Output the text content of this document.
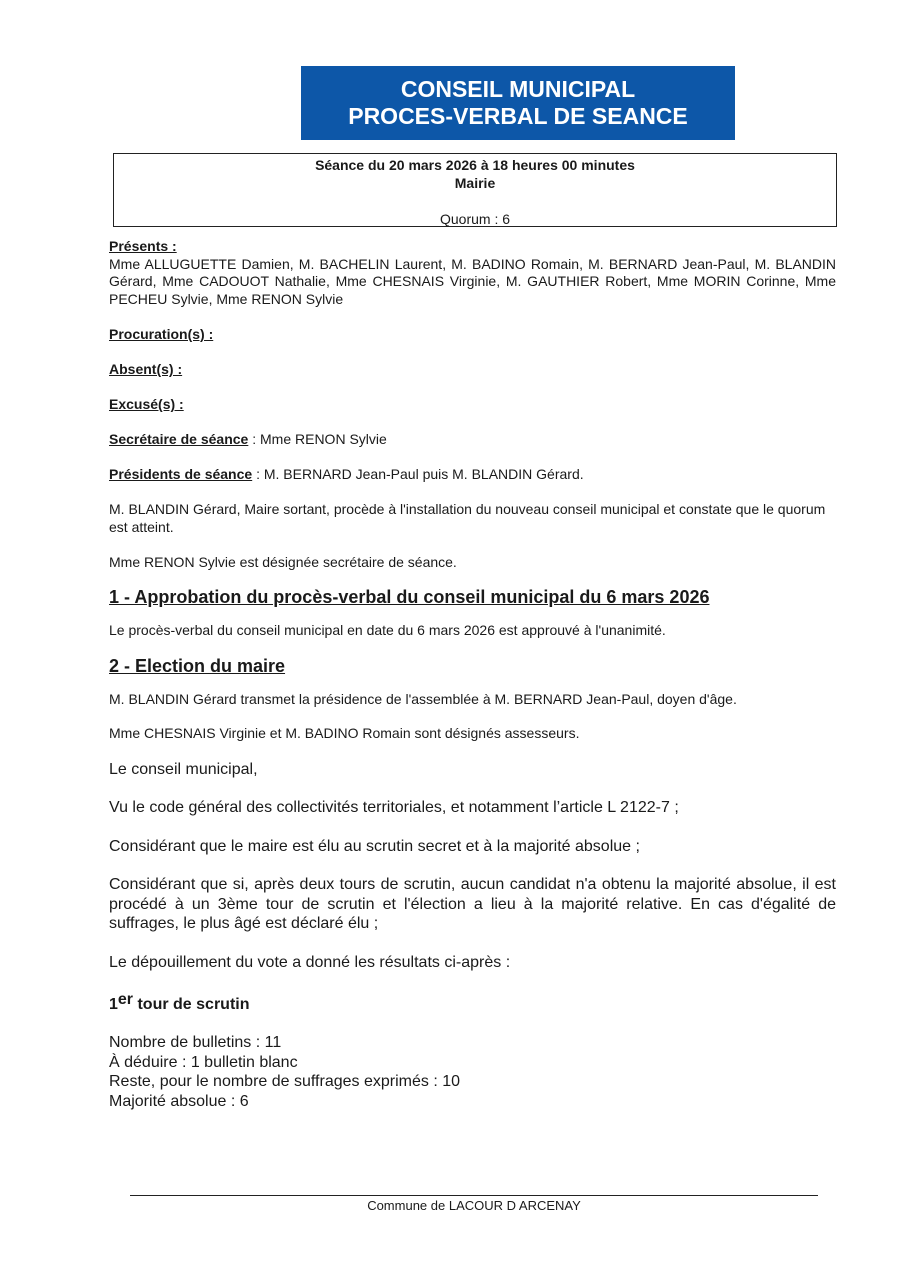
CONSEIL MUNICIPAL
PROCES-VERBAL DE SEANCE
Séance du 20 mars 2026 à 18 heures 00 minutes
Mairie
Quorum : 6

Présents :

Mme ALLUGUETTE Damien, M. BACHELIN Laurent, M. BADINO Romain, M. BERNARD Jean-Paul, M. BLANDIN Gérard, Mme CADOUOT Nathalie, Mme CHESNAIS Virginie, M. GAUTHIER Robert, Mme MORIN Corinne, Mme PECHEU Sylvie, Mme RENON Sylvie

Procuration(s) :

Absent(s) :

Excusé(s) :

Secrétaire de séance : Mme RENON Sylvie

Présidents de séance : M. BERNARD Jean-Paul puis M. BLANDIN Gérard.

M. BLANDIN Gérard, Maire sortant, procède à l'installation du nouveau conseil municipal et constate que le quorum est atteint.

Mme RENON Sylvie est désignée secrétaire de séance.

1 - Approbation du procès-verbal du conseil municipal du 6 mars 2026

Le procès-verbal du conseil municipal en date du 6 mars 2026 est approuvé à l'unanimité.

2 - Election du maire

M. BLANDIN Gérard transmet la présidence de l'assemblée à M. BERNARD Jean-Paul, doyen d'âge.

Mme CHESNAIS Virginie et M. BADINO Romain sont désignés assesseurs.

Le conseil municipal,

Vu le code général des collectivités territoriales, et notamment l’article L 2122-7 ;

Considérant que le maire est élu au scrutin secret et à la majorité absolue ;

Considérant que si, après deux tours de scrutin, aucun candidat n'a obtenu la majorité absolue, il est procédé à un 3ème tour de scrutin et l'élection a lieu à la majorité relative. En cas d'égalité de suffrages, le plus âgé est déclaré élu ;

Le dépouillement du vote a donné les résultats ci-après :

1er tour de scrutin

Nombre de bulletins : 11

À déduire : 1 bulletin blanc

Reste, pour le nombre de suffrages exprimés : 10

Majorité absolue : 6

Commune de LACOUR D ARCENAY
